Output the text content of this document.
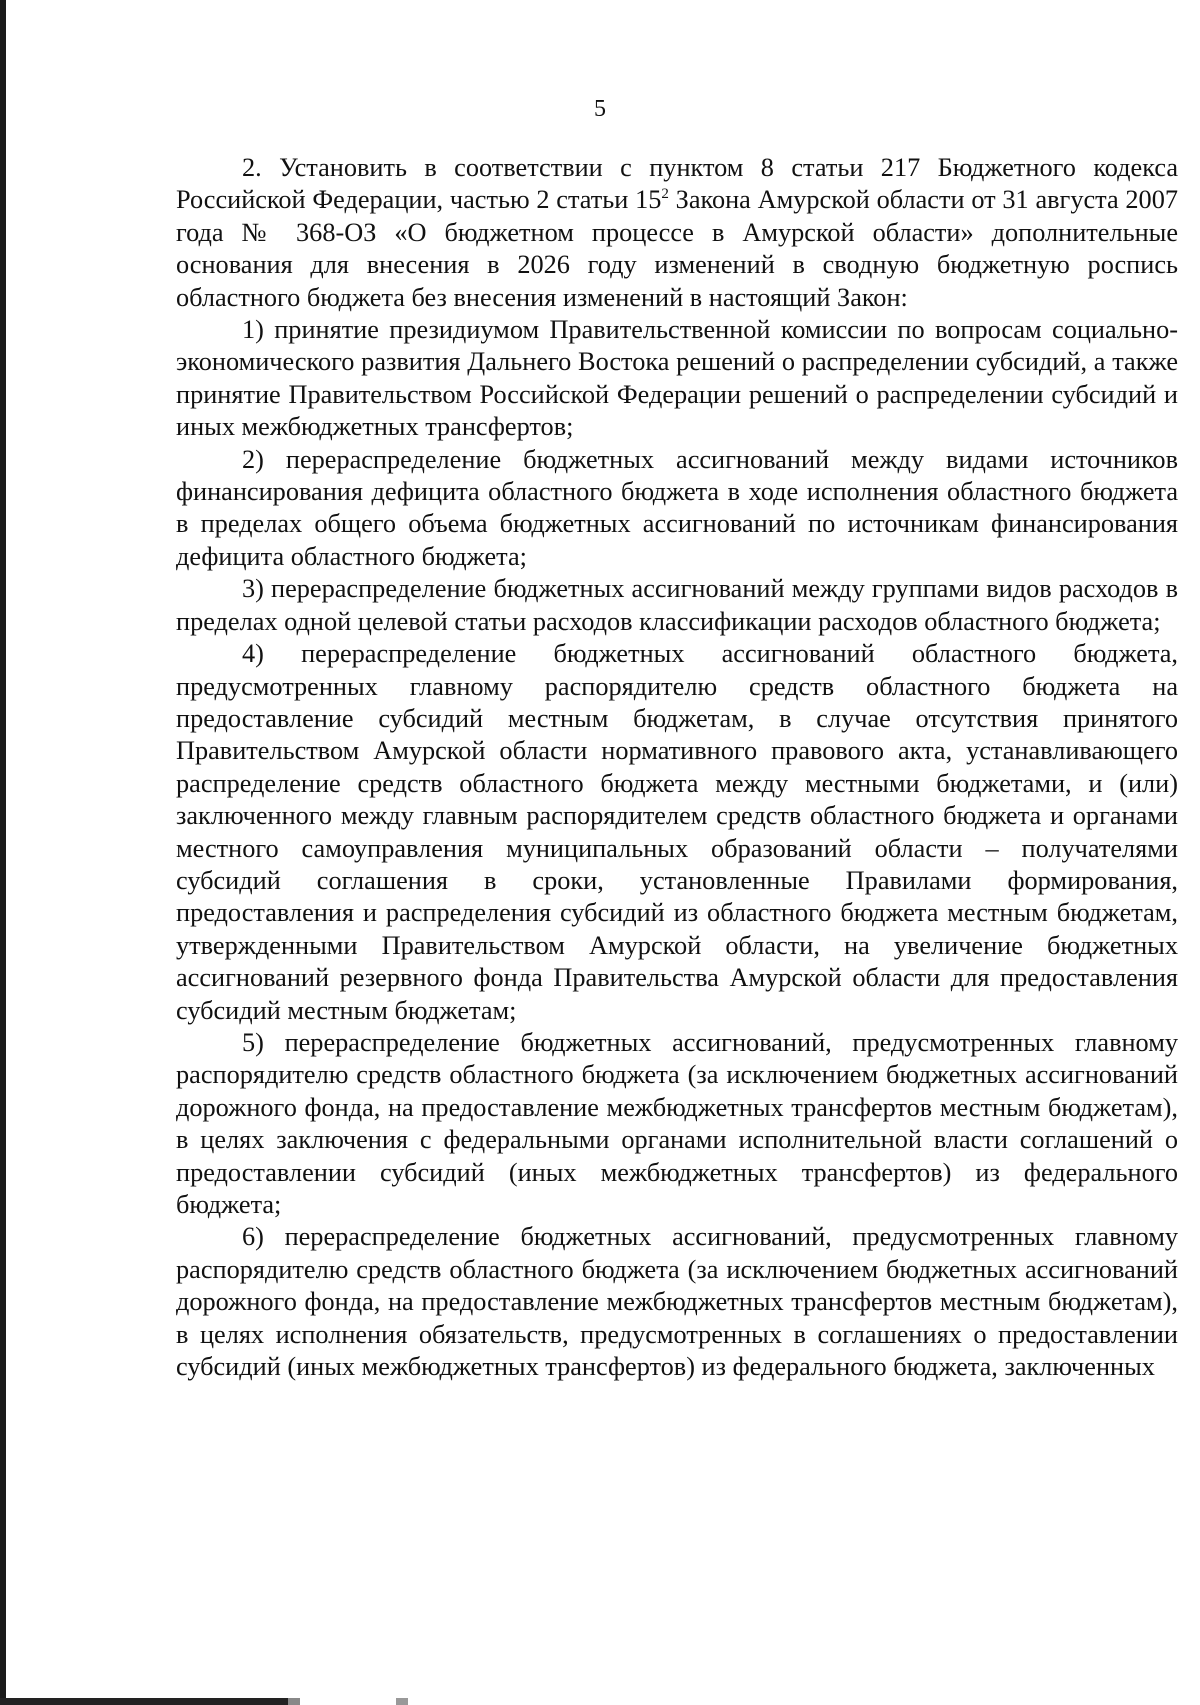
5

2. Установить в соответствии с пунктом 8 статьи 217 Бюджетного кодекса Российской Федерации, частью 2 статьи $15^2$ Закона Амурской области от 31 августа 2007 года № 368-ОЗ «О бюджетном процессе в Амурской области» дополнительные основания для внесения в 2026 году изменений в сводную бюджетную роспись областного бюджета без внесения изменений в настоящий Закон:

1) принятие президиумом Правительственной комиссии по вопросам социально-экономического развития Дальнего Востока решений о распределении субсидий, а также принятие Правительством Российской Федерации решений о распределении субсидий и иных межбюджетных трансфертов;

2) перераспределение бюджетных ассигнований между видами источников финансирования дефицита областного бюджета в ходе исполнения областного бюджета в пределах общего объема бюджетных ассигнований по источникам финансирования дефицита областного бюджета;

3) перераспределение бюджетных ассигнований между группами видов расходов в пределах одной целевой статьи расходов классификации расходов областного бюджета;

4) перераспределение бюджетных ассигнований областного бюджета, предусмотренных главному распорядителю средств областного бюджета на предоставление субсидий местным бюджетам, в случае отсутствия принятого Правительством Амурской области нормативного правового акта, устанавливающего распределение средств областного бюджета между местными бюджетами, и (или) заключенного между главным распорядителем средств областного бюджета и органами местного самоуправления муниципальных образований области – получателями субсидий соглашения в сроки, установленные Правилами формирования, предоставления и распределения субсидий из областного бюджета местным бюджетам, утвержденными Правительством Амурской области, на увеличение бюджетных ассигнований резервного фонда Правительства Амурской области для предоставления субсидий местным бюджетам;

5) перераспределение бюджетных ассигнований, предусмотренных главному распорядителю средств областного бюджета (за исключением бюджетных ассигнований дорожного фонда, на предоставление межбюджетных трансфертов местным бюджетам), в целях заключения с федеральными органами исполнительной власти соглашений о предоставлении субсидий (иных межбюджетных трансфертов) из федерального бюджета;

6) перераспределение бюджетных ассигнований, предусмотренных главному распорядителю средств областного бюджета (за исключением бюджетных ассигнований дорожного фонда, на предоставление межбюджетных трансфертов местным бюджетам), в целях исполнения обязательств, предусмотренных в соглашениях о предоставлении субсидий (иных межбюджетных трансфертов) из федерального бюджета, заключенных
